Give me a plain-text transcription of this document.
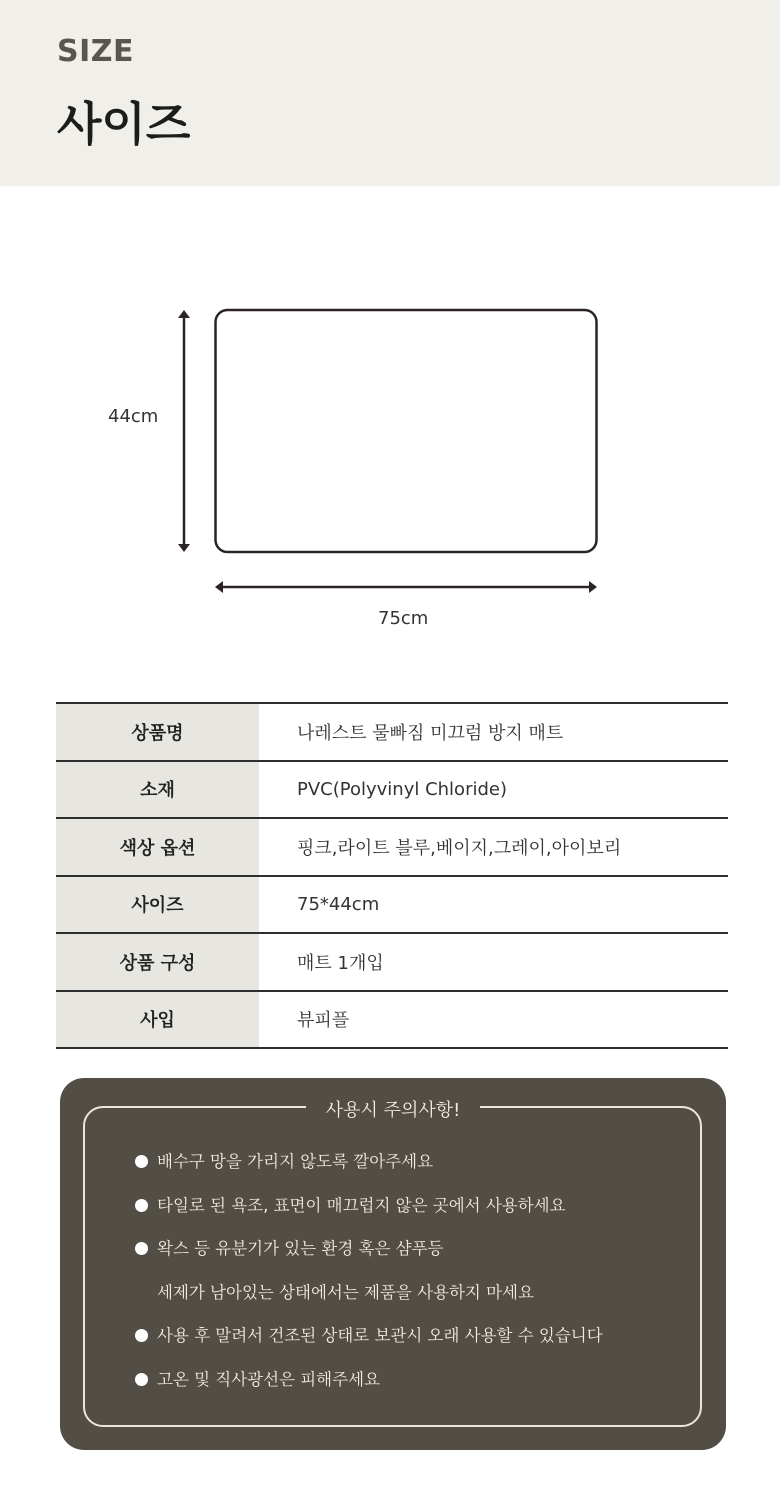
SIZE
사이즈
44cm
75cm
상품명	나레스트 물빠짐 미끄럼 방지 매트
소재	PVC(Polyvinyl Chloride)
색상 옵션	핑크,라이트 블루,베이지,그레이,아이보리
사이즈	75*44cm
상품 구성	매트 1개입
사입	뷰피플
사용시 주의사항!
배수구 망을 가리지 않도록 깔아주세요
타일로 된 욕조, 표면이 매끄럽지 않은 곳에서 사용하세요
왁스 등 유분기가 있는 환경 혹은 샴푸등
세제가 남아있는 상태에서는 제품을 사용하지 마세요
사용 후 말려서 건조된 상태로 보관시 오래 사용할 수 있습니다
고온 및 직사광선은 피해주세요
